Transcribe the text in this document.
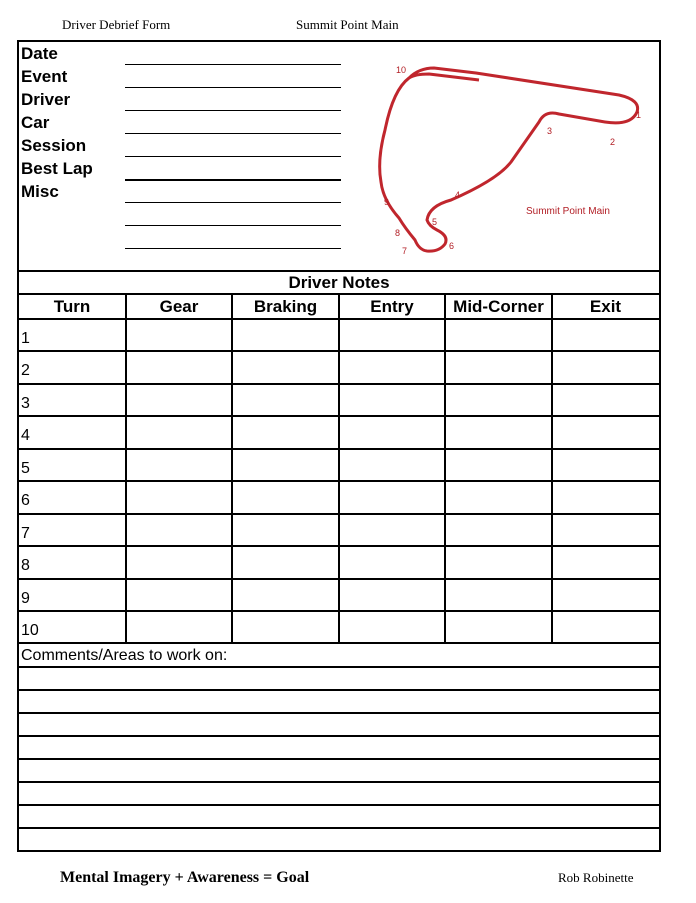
Driver Debrief Form	Summit Point Main
Date
Event
Driver
Car
Session
Best Lap
Misc
1
2
3
4
5
6
7
8
9
10
Summit Point Main
Driver Notes
Turn	Gear	Braking	Entry	Mid-Corner	Exit
1
2
3
4
5
6
7
8
9
10
Comments/Areas to work on:
Mental Imagery + Awareness = Goal	Rob Robinette
